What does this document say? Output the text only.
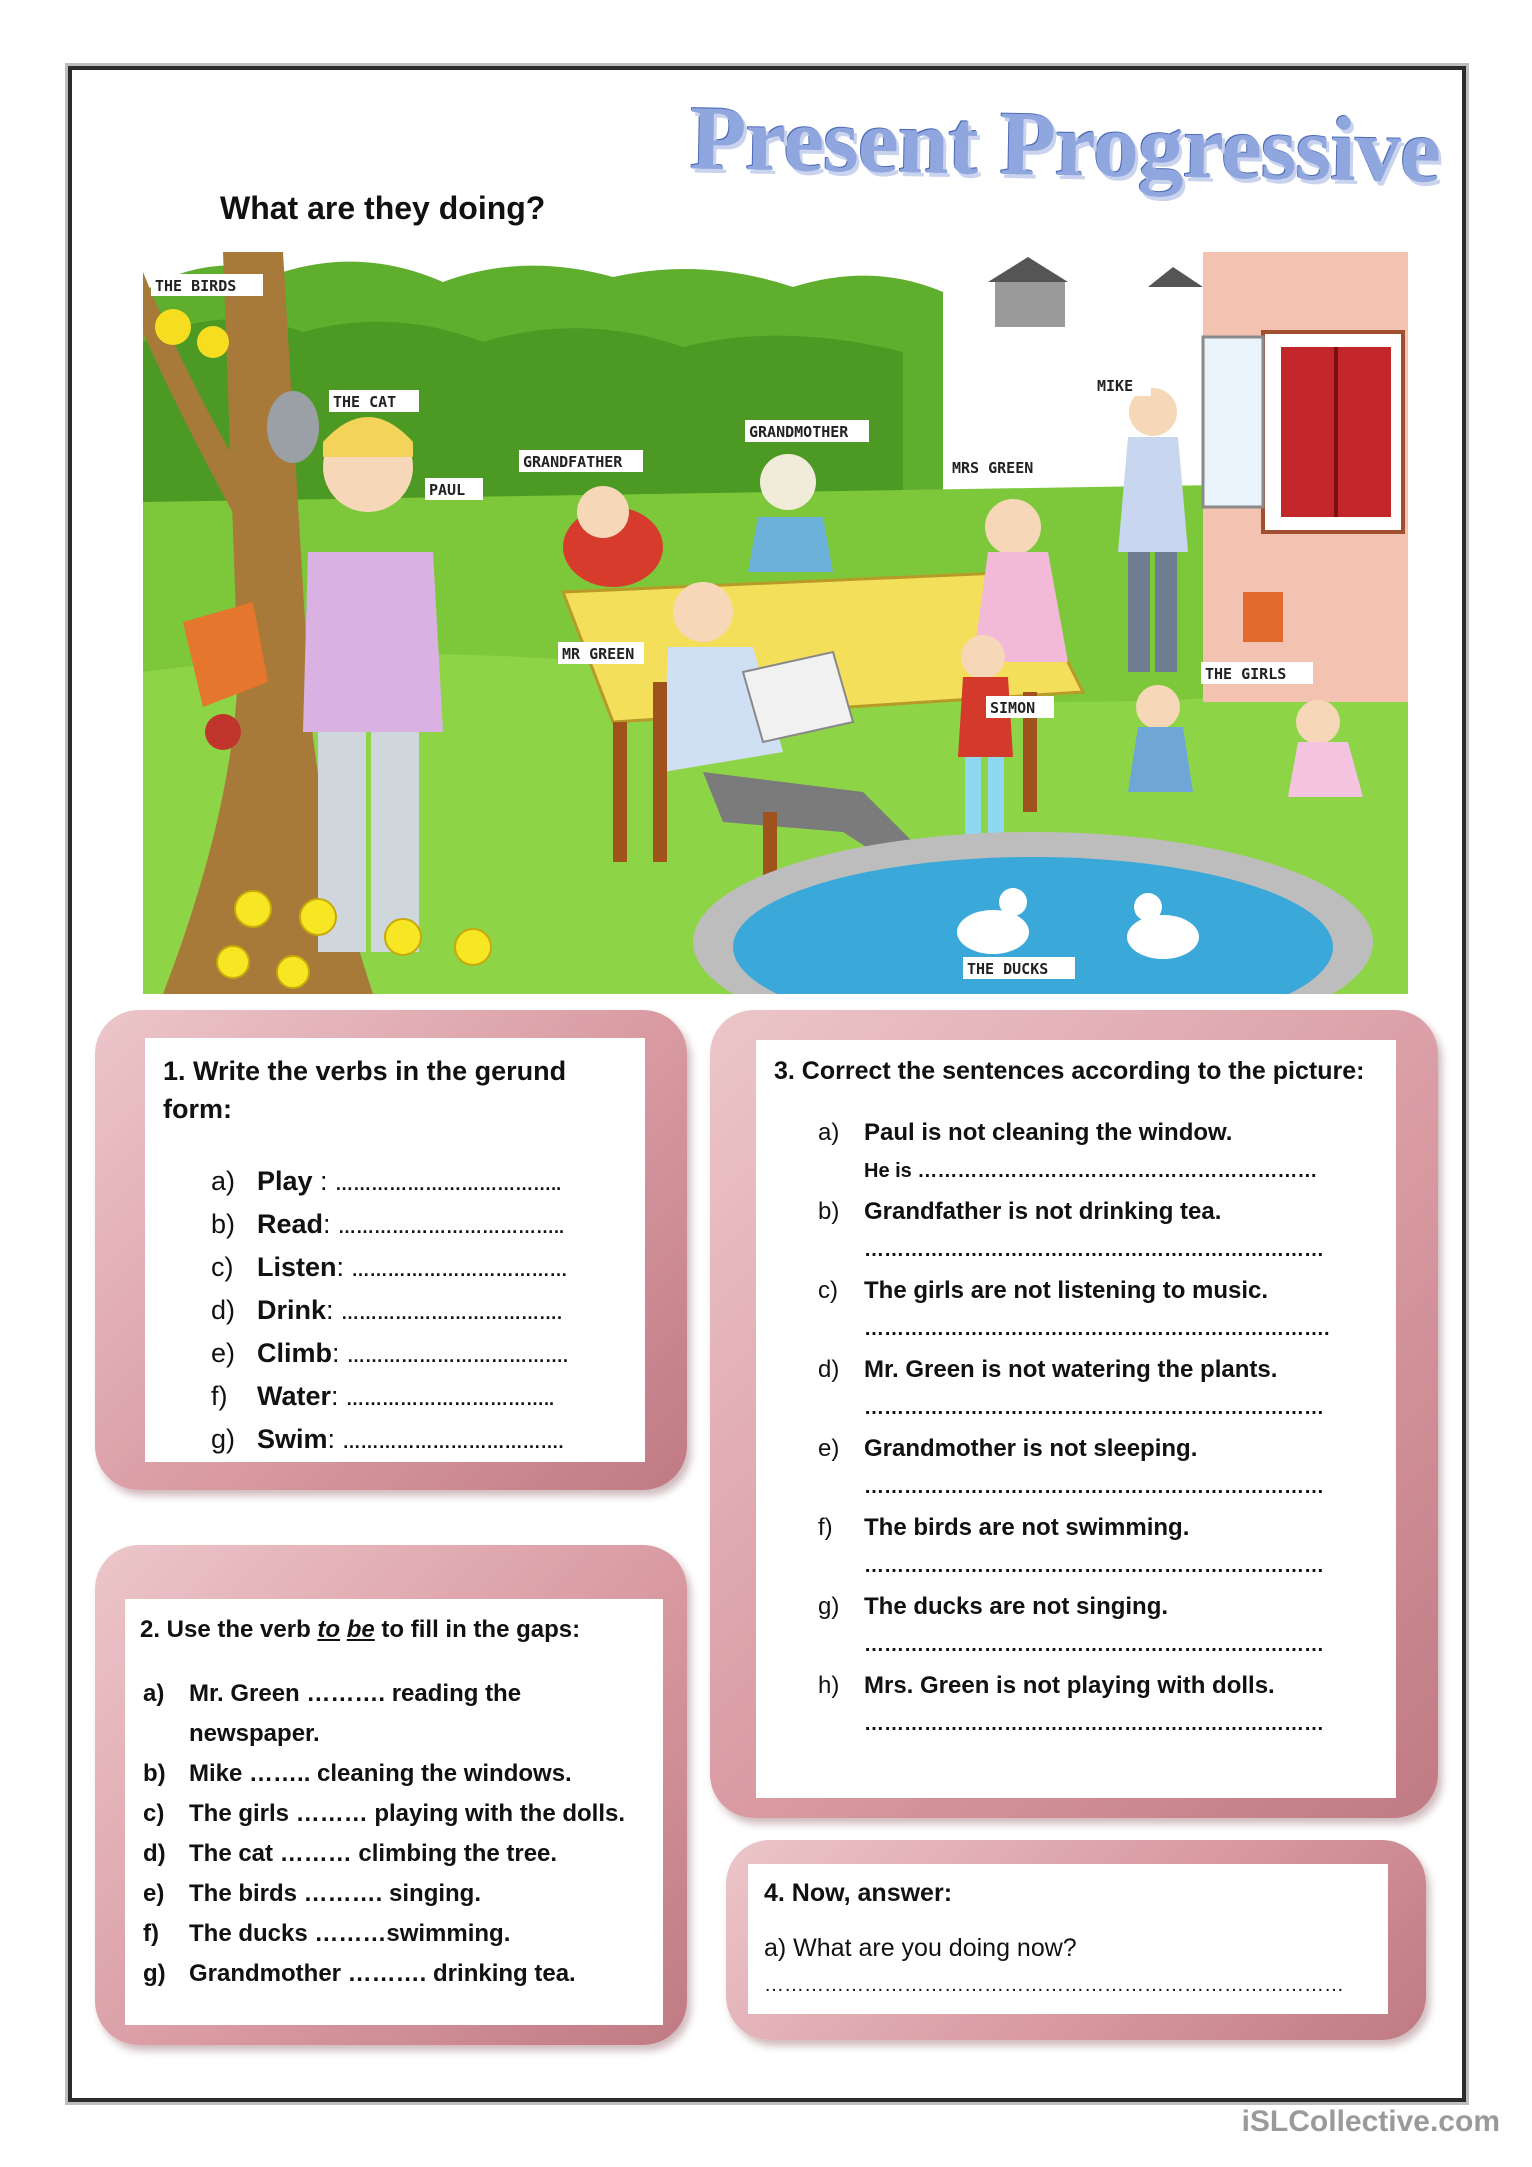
Present Progressive
What are they doing?
THE BIRDS
THE CAT
PAUL
GRANDFATHER
GRANDMOTHER
MRS GREEN
MIKE
MR GREEN
SIMON
THE GIRLS
THE DUCKS
1. Write the verbs in the gerund form:
a) Play : ………………………………..
b) Read: ………………………………..
c) Listen: ………………………………
d) Drink: ……………………………….
e) Climb: ……………………………….
f) Water: ……………………………..
g) Swim: ……………………………….
2. Use the verb to be to fill in the gaps:
a) Mr. Green ………. reading the
newspaper.
b) Mike …….. cleaning the windows.
c) The girls ……… playing with the dolls.
d) The cat ……… climbing the tree.
e) The birds ………. singing.
f) The ducks ………swimming.
g) Grandmother ………. drinking tea.
3. Correct the sentences according to the picture:
a) Paul is not cleaning the window.
He is ……………………………………………………
b) Grandfather is not drinking tea.
……………………………………………………………
c) The girls are not listening to music.
…………………………………………………………….
d) Mr. Green is not watering the plants.
……………………………………………………………
e) Grandmother is not sleeping.
……………………………………………………………
f) The birds are not swimming.
……………………………………………………………
g) The ducks are not singing.
……………………………………………………………
h) Mrs. Green is not playing with dolls.
……………………………………………………………
4. Now, answer:
a) What are you doing now?
……………………………………………………………………………
iSLCollective.com
